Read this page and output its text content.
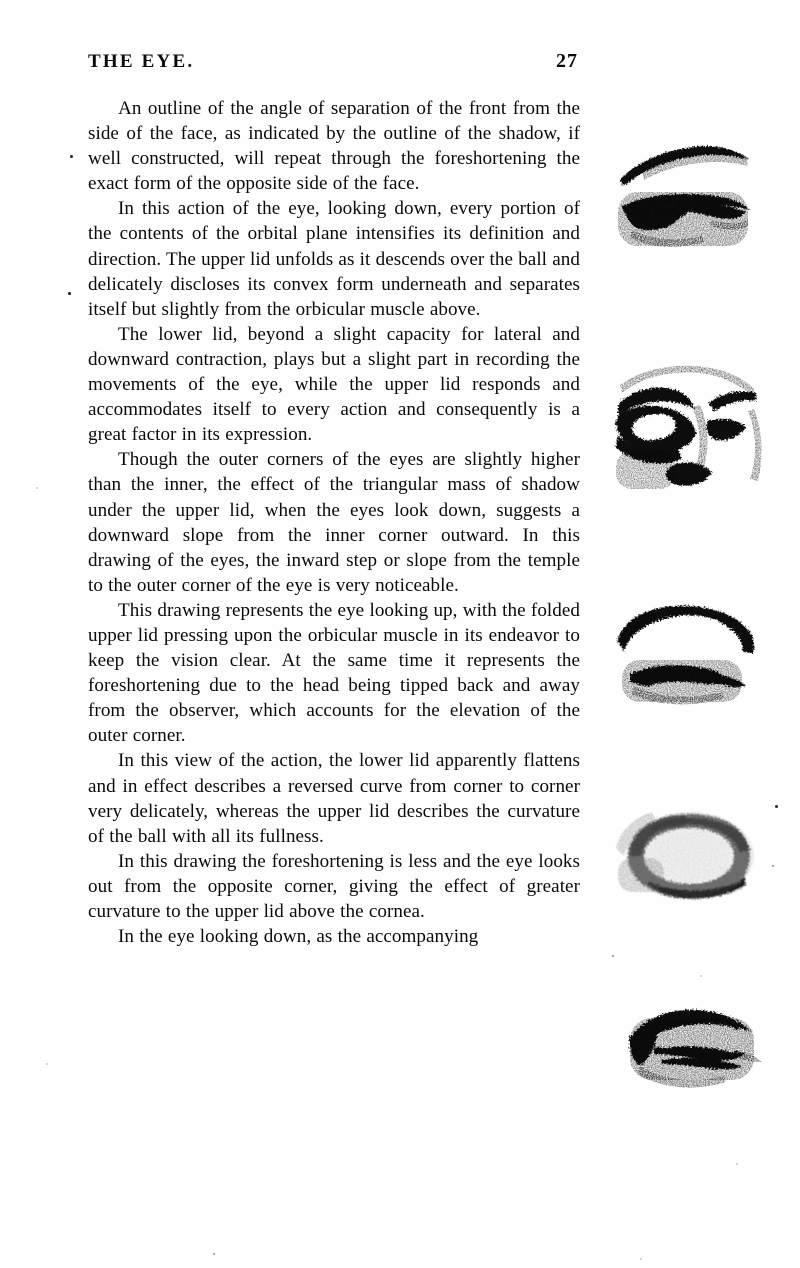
THE EYE.	27

An outline of the angle of separation of the front from the side of the face, as indicated by the outline of the shadow, if well constructed, will repeat through the foreshortening the exact form of the opposite side of the face.

In this action of the eye, looking down, every portion of the contents of the orbital plane intensifies its definition and direction. The upper lid unfolds as it descends over the ball and delicately discloses its convex form underneath and separates itself but slightly from the orbicular muscle above.

The lower lid, beyond a slight capacity for lateral and downward contraction, plays but a slight part in recording the movements of the eye, while the upper lid responds and accommodates itself to every action and consequently is a great factor in its expression.

Though the outer corners of the eyes are slightly higher than the inner, the effect of the triangular mass of shadow under the upper lid, when the eyes look down, suggests a downward slope from the inner corner outward. In this drawing of the eyes, the inward step or slope from the temple to the outer corner of the eye is very noticeable.

This drawing represents the eye looking up, with the folded upper lid pressing upon the orbicular muscle in its endeavor to keep the vision clear. At the same time it represents the foreshortening due to the head being tipped back and away from the observer, which accounts for the elevation of the outer corner.

In this view of the action, the lower lid apparently flattens and in effect describes a reversed curve from corner to corner very delicately, whereas the upper lid describes the curvature of the ball with all its fullness.

In this drawing the foreshortening is less and the eye looks out from the opposite corner, giving the effect of greater curvature to the upper lid above the cornea.

In the eye looking down, as the accompanying
